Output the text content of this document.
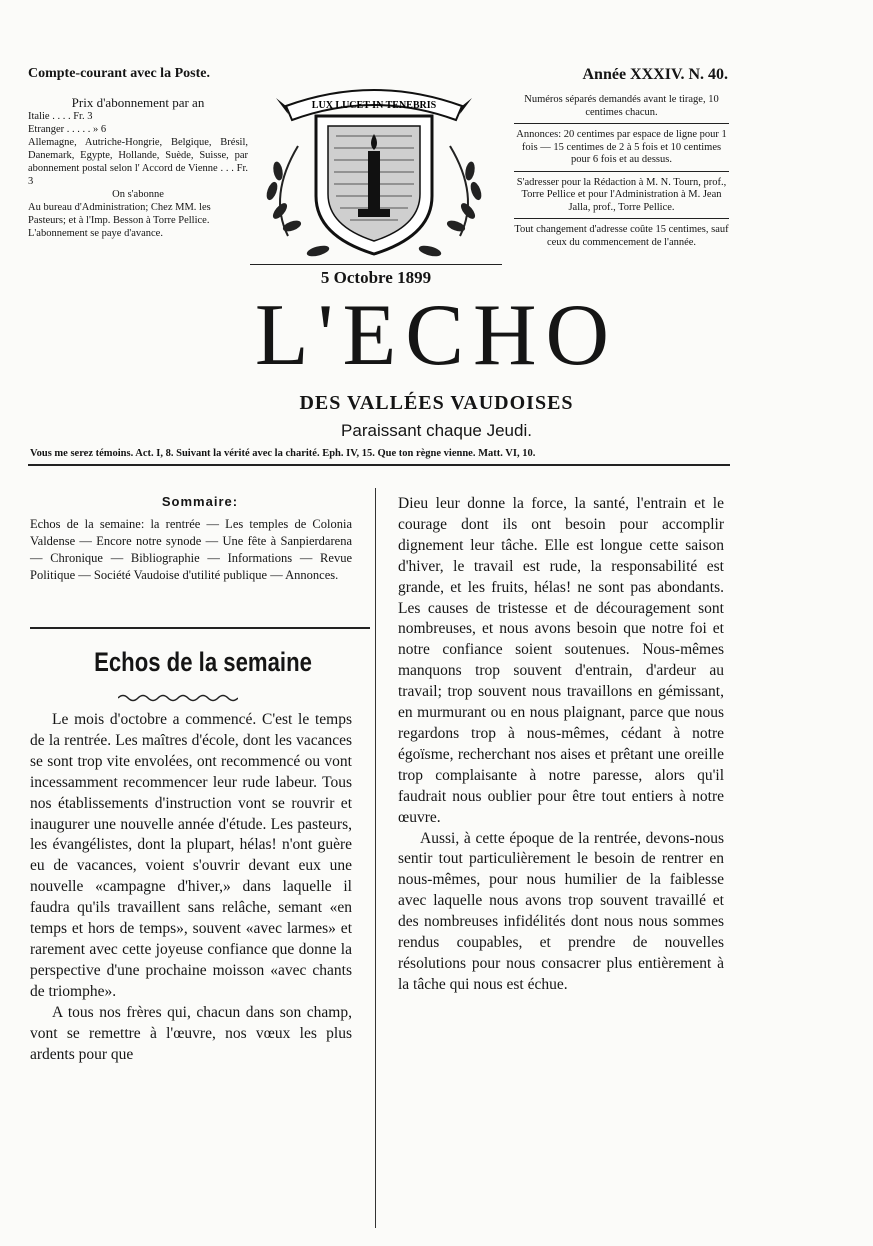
Compte-courant avec la Poste.	Année XXXIV. N. 40.
Prix d'abonnement par an
Italie . . . . Fr. 3
Etranger . . . . . » 6
Allemagne, Autriche-Hongrie, Belgique, Brésil, Danemark, Egypte, Hollande, Suède, Suisse, par abonnement postal selon l' Accord de Vienne . . . Fr. 3
On s'abonne
Au bureau d'Administration; Chez MM. les Pasteurs; et à l'Imp. Besson à Torre Pellice.
L'abonnement se paye d'avance.
LUX LUCET IN TENEBRIS
5 Octobre 1899
Numéros séparés demandés avant le tirage, 10 centimes chacun.
Annonces: 20 centimes par espace de ligne pour 1 fois — 15 centimes de 2 à 5 fois et 10 centimes pour 6 fois et au dessus.
S'adresser pour la Rédaction à M. N. Tourn, prof., Torre Pellice et pour l'Administration à M. Jean Jalla, prof., Torre Pellice.
Tout changement d'adresse coûte 15 centimes, sauf ceux du commencement de l'année.
L'ECHO
DES VALLÉES VAUDOISES
Paraissant chaque Jeudi.
Vous me serez témoins. Act. I, 8. Suivant la vérité avec la charité. Eph. IV, 15. Que ton règne vienne. Matt. VI, 10.
Sommaire:
Echos de la semaine: la rentrée — Les temples de Colonia Valdense — Encore notre synode — Une fête à Sanpierdarena — Chronique — Bibliographie — Informations — Revue Politique — Société Vaudoise d'utilité publique — Annonces.
Echos de la semaine

Le mois d'octobre a commencé. C'est le temps de la rentrée. Les maîtres d'école, dont les vacances se sont trop vite envolées, ont recommencé ou vont incessamment recommencer leur rude labeur. Tous nos établissements d'instruction vont se rouvrir et inaugurer une nouvelle année d'étude. Les pasteurs, les évangélistes, dont la plupart, hélas! n'ont guère eu de vacances, voient s'ouvrir devant eux une nouvelle «campagne d'hiver,» dans laquelle il faudra qu'ils travaillent sans relâche, semant «en temps et hors de temps», souvent «avec larmes» et rarement avec cette joyeuse confiance que donne la perspective d'une prochaine moisson «avec chants de triomphe».

A tous nos frères qui, chacun dans son champ, vont se remettre à l'œuvre, nos vœux les plus ardents pour que

Dieu leur donne la force, la santé, l'entrain et le courage dont ils ont besoin pour accomplir dignement leur tâche. Elle est longue cette saison d'hiver, le travail est rude, la responsabilité est grande, et les fruits, hélas! ne sont pas abondants. Les causes de tristesse et de découragement sont nombreuses, et nous avons besoin que notre foi et notre confiance soient soutenues. Nous-mêmes manquons trop souvent d'entrain, d'ardeur au travail; trop souvent nous travaillons en gémissant, en murmurant ou en nous plaignant, parce que nous regardons trop à nous-mêmes, cédant à notre égoïsme, recherchant nos aises et prêtant une oreille trop complaisante à notre paresse, alors qu'il faudrait nous oublier pour être tout entiers à notre œuvre.

Aussi, à cette époque de la rentrée, devons-nous sentir tout particulièrement le besoin de rentrer en nous-mêmes, pour nous humilier de la faiblesse avec laquelle nous avons trop souvent travaillé et des nombreuses infidélités dont nous nous sommes rendus coupables, et prendre de nouvelles résolutions pour nous consacrer plus entièrement à la tâche qui nous est échue.
